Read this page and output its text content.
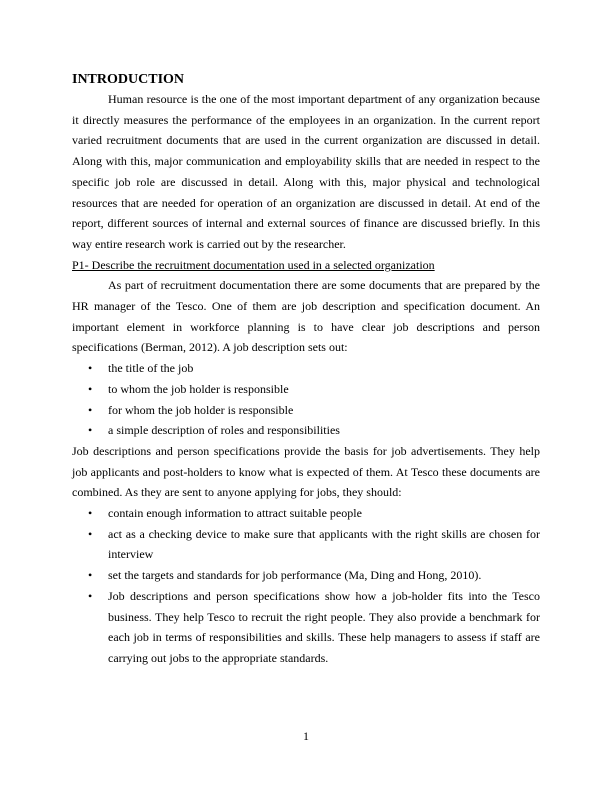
INTRODUCTION

Human resource is the one of the most important department of any organization because it directly measures the performance of the employees in an organization. In the current report varied recruitment documents that are used in the current organization are discussed in detail. Along with this, major communication and employability skills that are needed in respect to the specific job role are discussed in detail. Along with this, major physical and technological resources that are needed for operation of an organization are discussed in detail. At end of the report, different sources of internal and external sources of finance are discussed briefly. In this way entire research work is carried out by the researcher.

P1- Describe the recruitment documentation used in a selected organization

As part of recruitment documentation there are some documents that are prepared by the HR manager of the Tesco. One of them are job description and specification document. An important element in workforce planning is to have clear job descriptions and person specifications (Berman, 2012). A job description sets out:

• the title of the job
• to whom the job holder is responsible
• for whom the job holder is responsible
• a simple description of roles and responsibilities

Job descriptions and person specifications provide the basis for job advertisements. They help job applicants and post-holders to know what is expected of them. At Tesco these documents are combined. As they are sent to anyone applying for jobs, they should:

• contain enough information to attract suitable people
• act as a checking device to make sure that applicants with the right skills are chosen for interview
• set the targets and standards for job performance (Ma, Ding and Hong, 2010).
• Job descriptions and person specifications show how a job-holder fits into the Tesco business. They help Tesco to recruit the right people. They also provide a benchmark for each job in terms of responsibilities and skills. These help managers to assess if staff are carrying out jobs to the appropriate standards.
1
